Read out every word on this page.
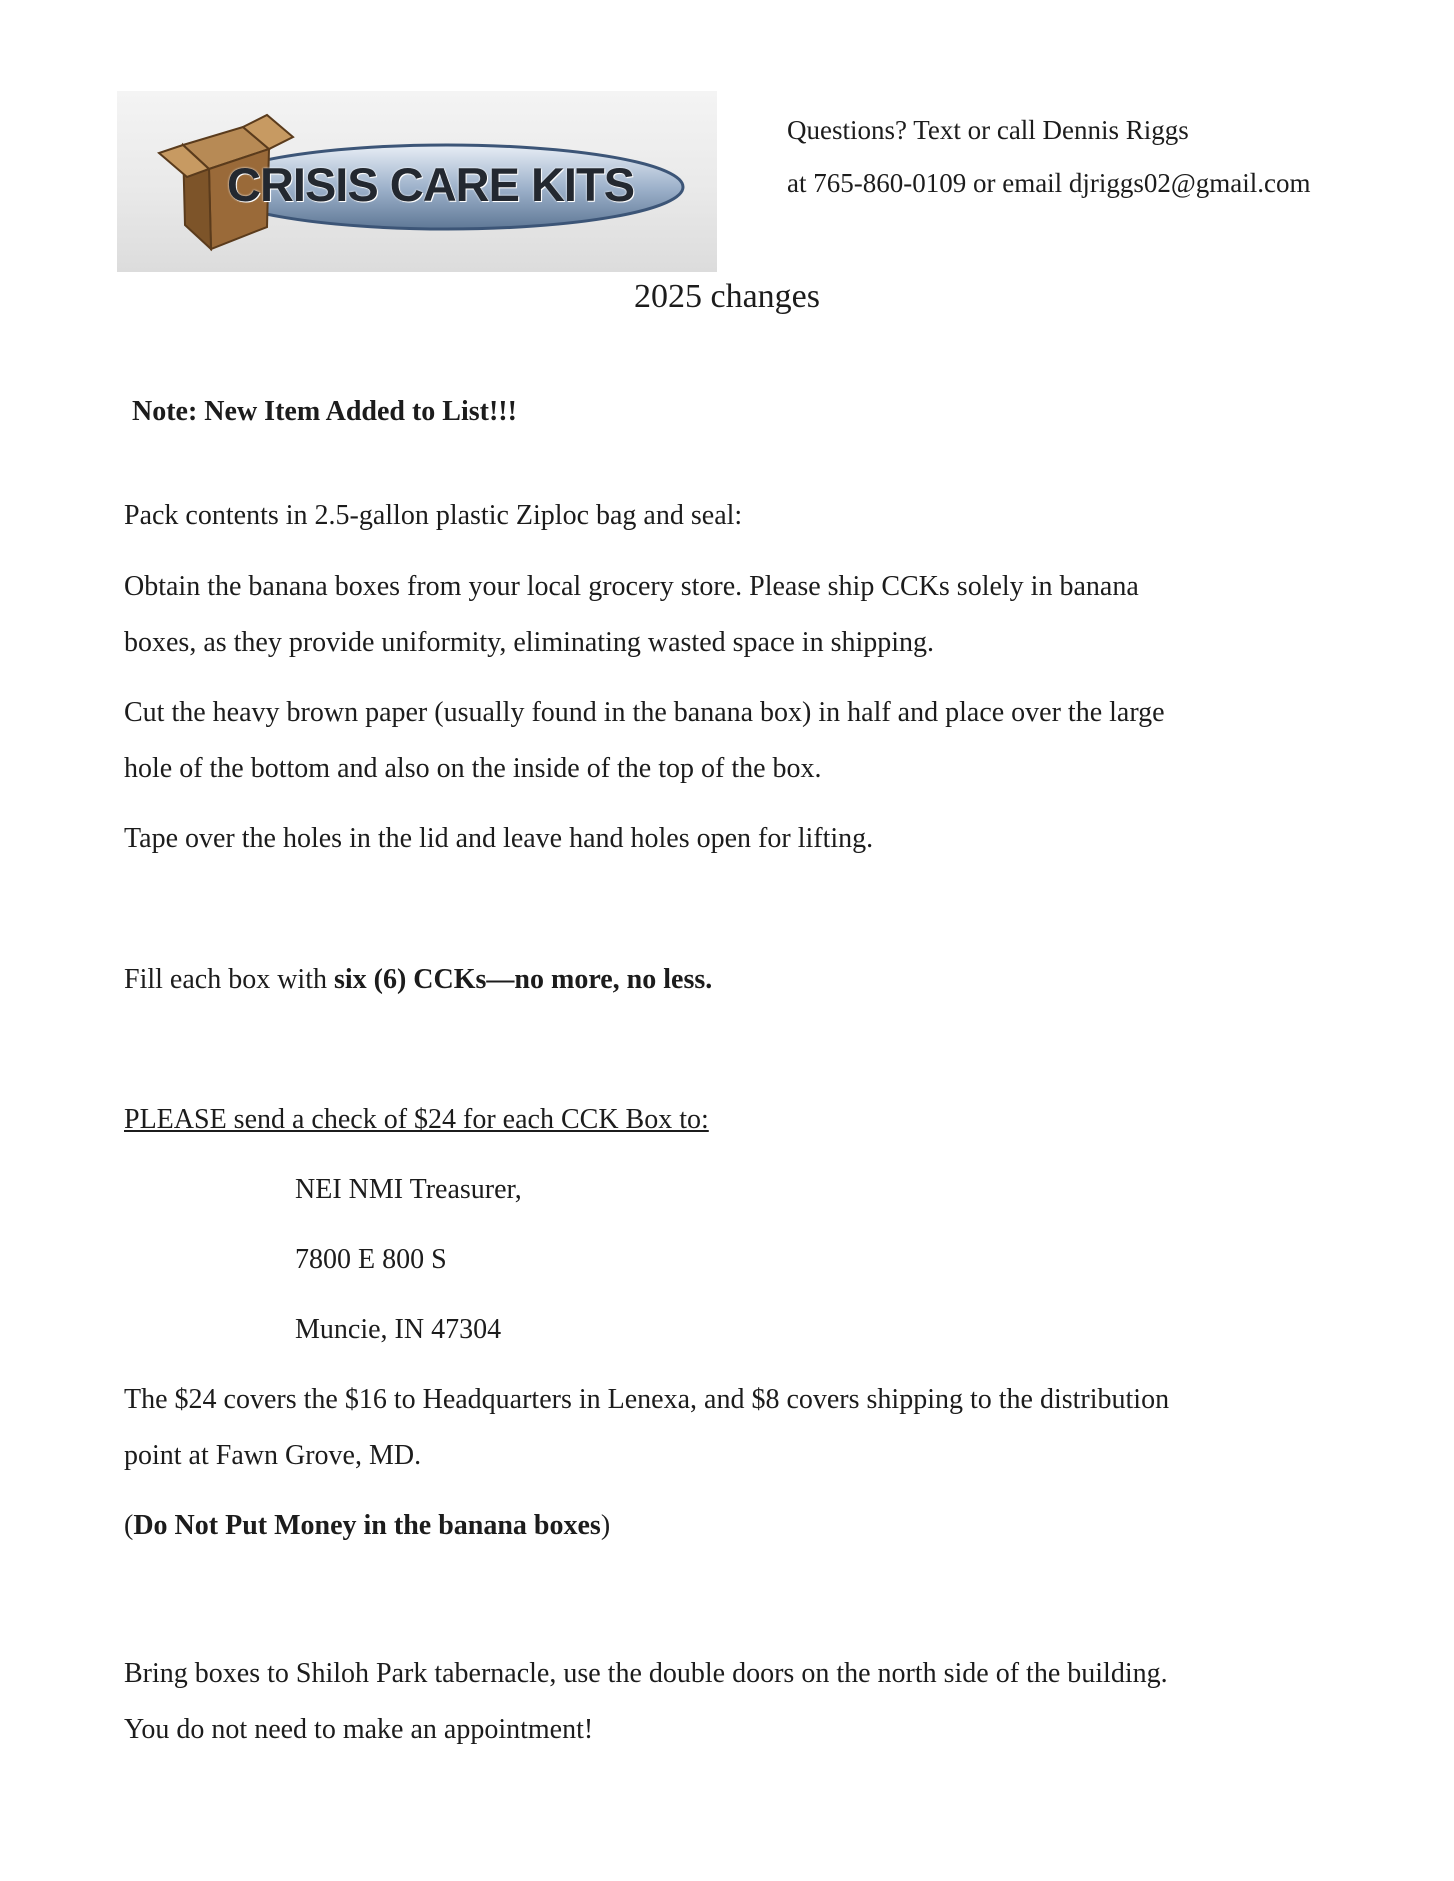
CRISIS CARE KITS
Questions? Text or call Dennis Riggs
at 765-860-0109 or email djriggs02@gmail.com
2025 changes
Note: New Item Added to List!!!
Pack contents in 2.5-gallon plastic Ziploc bag and seal:
Obtain the banana boxes from your local grocery store. Please ship CCKs solely in banana
boxes, as they provide uniformity, eliminating wasted space in shipping.
Cut the heavy brown paper (usually found in the banana box) in half and place over the large
hole of the bottom and also on the inside of the top of the box.
Tape over the holes in the lid and leave hand holes open for lifting.
Fill each box with six (6) CCKs—no more, no less.
PLEASE send a check of $24 for each CCK Box to:
NEI NMI Treasurer,
7800 E 800 S
Muncie, IN 47304
The $24 covers the $16 to Headquarters in Lenexa, and $8 covers shipping to the distribution
point at Fawn Grove, MD.
(Do Not Put Money in the banana boxes)
Bring boxes to Shiloh Park tabernacle, use the double doors on the north side of the building.
You do not need to make an appointment!
